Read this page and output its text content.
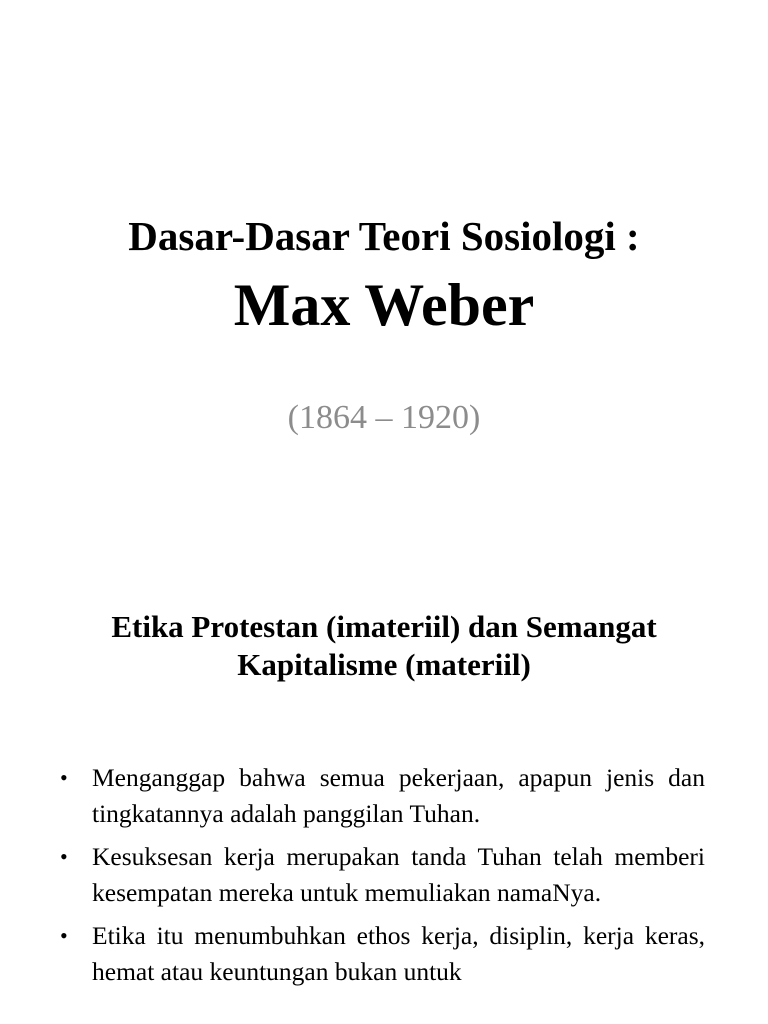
Dasar-Dasar Teori Sosiologi :
Max Weber
(1864 – 1920)
Etika Protestan (imateriil) dan Semangat
Kapitalisme (materiil)
• Menganggap bahwa semua pekerjaan, apapun jenis dan tingkatannya adalah panggilan Tuhan.
• Kesuksesan kerja merupakan tanda Tuhan telah memberi kesempatan mereka untuk memuliakan namaNya.
• Etika itu menumbuhkan ethos kerja, disiplin, kerja keras, hemat atau keuntungan bukan untuk
